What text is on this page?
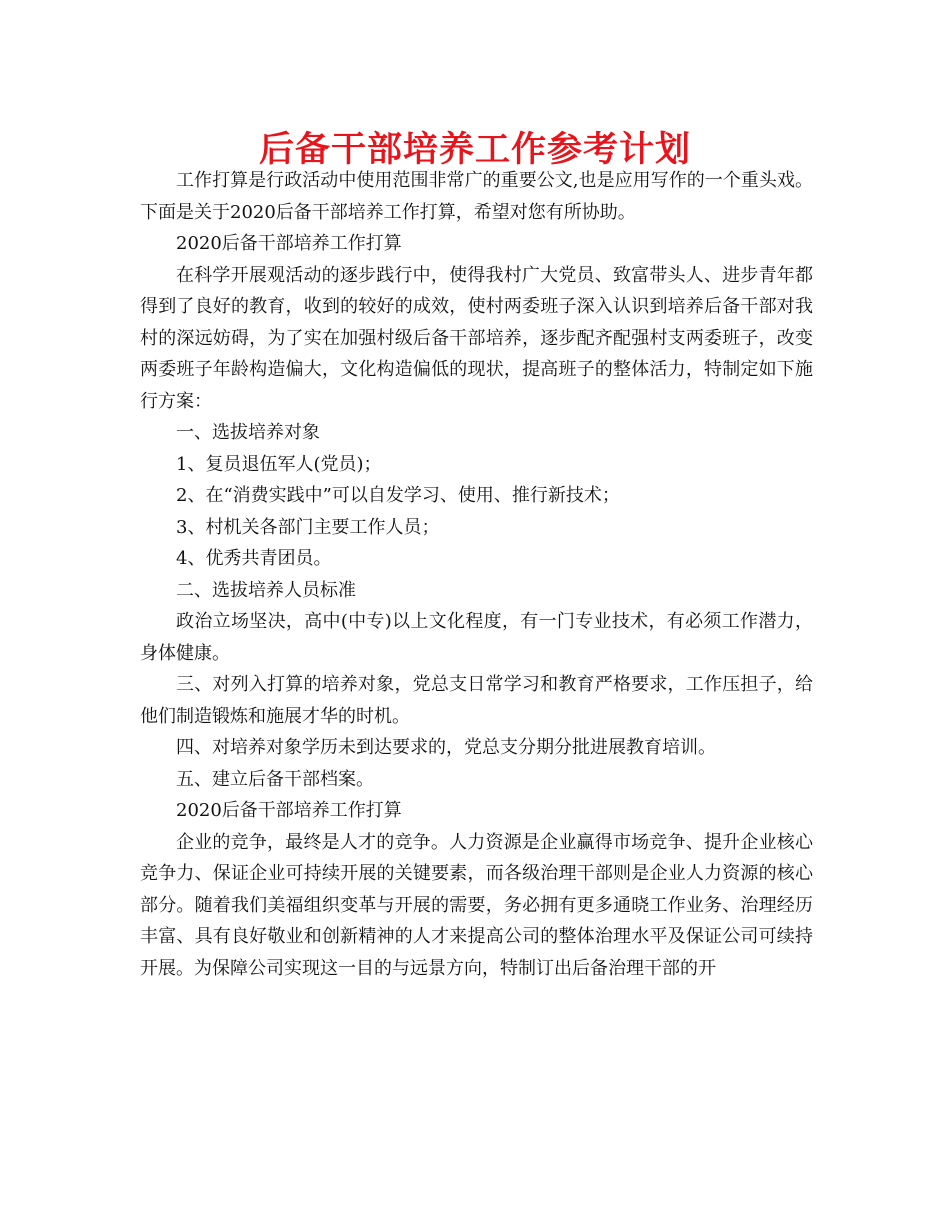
后备干部培养工作参考计划

工作打算是行政活动中使用范围非常广的重要公文,也是应用写作的一个重头戏。下面是关于2020后备干部培养工作打算，希望对您有所协助。

2020后备干部培养工作打算

在科学开展观活动的逐步践行中，使得我村广大党员、致富带头人、进步青年都得到了良好的教育，收到的较好的成效，使村两委班子深入认识到培养后备干部对我村的深远妨碍，为了实在加强村级后备干部培养，逐步配齐配强村支两委班子，改变两委班子年龄构造偏大，文化构造偏低的现状，提高班子的整体活力，特制定如下施行方案：

一、选拔培养对象

1、复员退伍军人(党员)；

2、在“消费实践中”可以自发学习、使用、推行新技术；

3、村机关各部门主要工作人员；

4、优秀共青团员。

二、选拔培养人员标准

政治立场坚决，高中(中专)以上文化程度，有一门专业技术，有必须工作潜力，身体健康。

三、对列入打算的培养对象，党总支日常学习和教育严格要求，工作压担子，给他们制造锻炼和施展才华的时机。

四、对培养对象学历未到达要求的，党总支分期分批进展教育培训。

五、建立后备干部档案。

2020后备干部培养工作打算

企业的竞争，最终是人才的竞争。人力资源是企业赢得市场竞争、提升企业核心竞争力、保证企业可持续开展的关键要素，而各级治理干部则是企业人力资源的核心部分。随着我们美福组织变革与开展的需要，务必拥有更多通晓工作业务、治理经历丰富、具有良好敬业和创新精神的人才来提高公司的整体治理水平及保证公司可续持开展。为保障公司实现这一目的与远景方向，特制订出后备治理干部的开
